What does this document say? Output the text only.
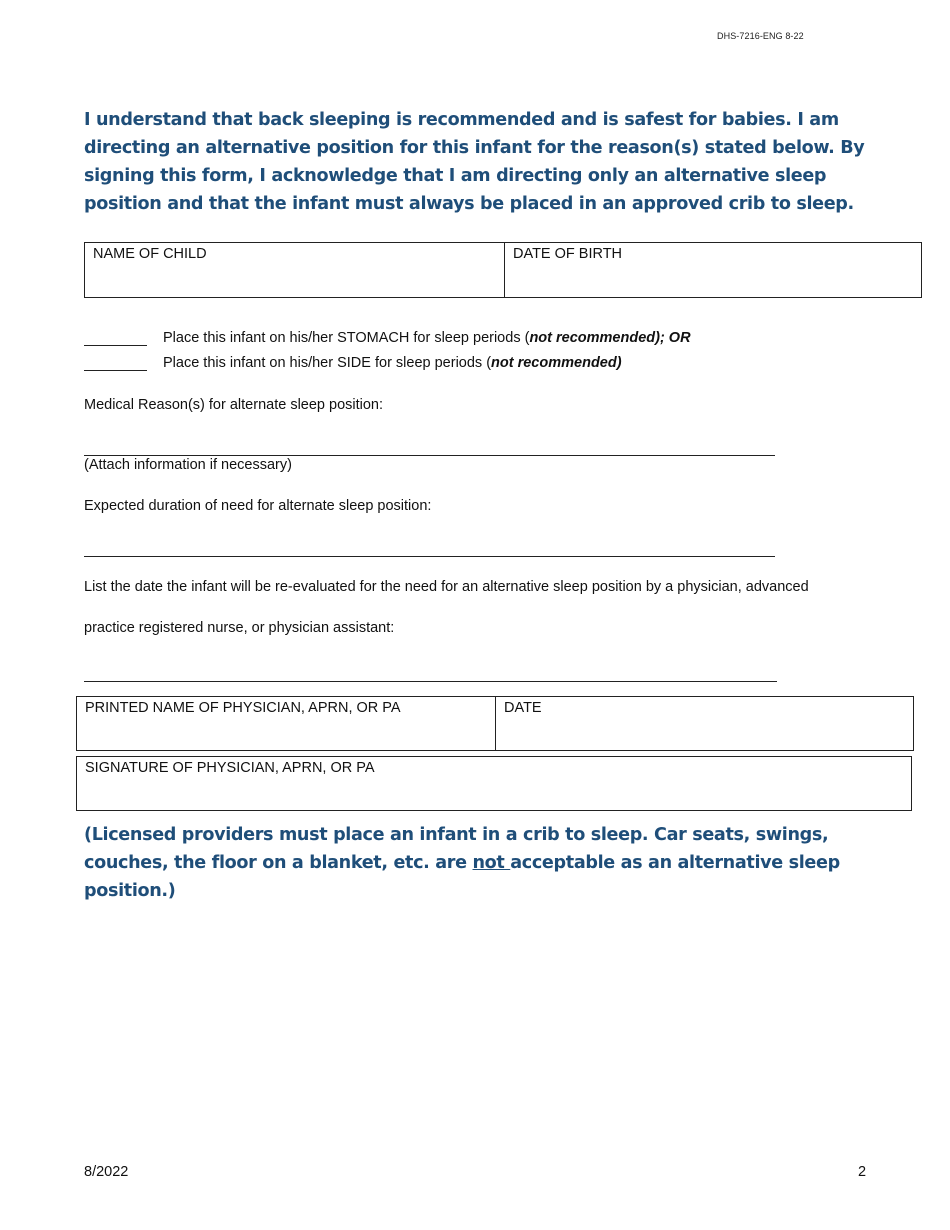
DHS-7216-ENG 8-22
I understand that back sleeping is recommended and is safest for babies. I am directing an alternative position for this infant for the reason(s) stated below. By signing this form, I acknowledge that I am directing only an alternative sleep position and that the infant must always be placed in an approved crib to sleep.
NAME OF CHILD	DATE OF BIRTH
Place this infant on his/her STOMACH for sleep periods (not recommended); OR
Place this infant on his/her SIDE for sleep periods (not recommended)
Medical Reason(s) for alternate sleep position:
(Attach information if necessary)
Expected duration of need for alternate sleep position:
List the date the infant will be re-evaluated for the need for an alternative sleep position by a physician, advanced
practice registered nurse, or physician assistant:
PRINTED NAME OF PHYSICIAN, APRN, OR PA	DATE
SIGNATURE OF PHYSICIAN, APRN, OR PA
(Licensed providers must place an infant in a crib to sleep. Car seats, swings, couches, the floor on a blanket, etc. are not acceptable as an alternative sleep position.)
8/2022	2
